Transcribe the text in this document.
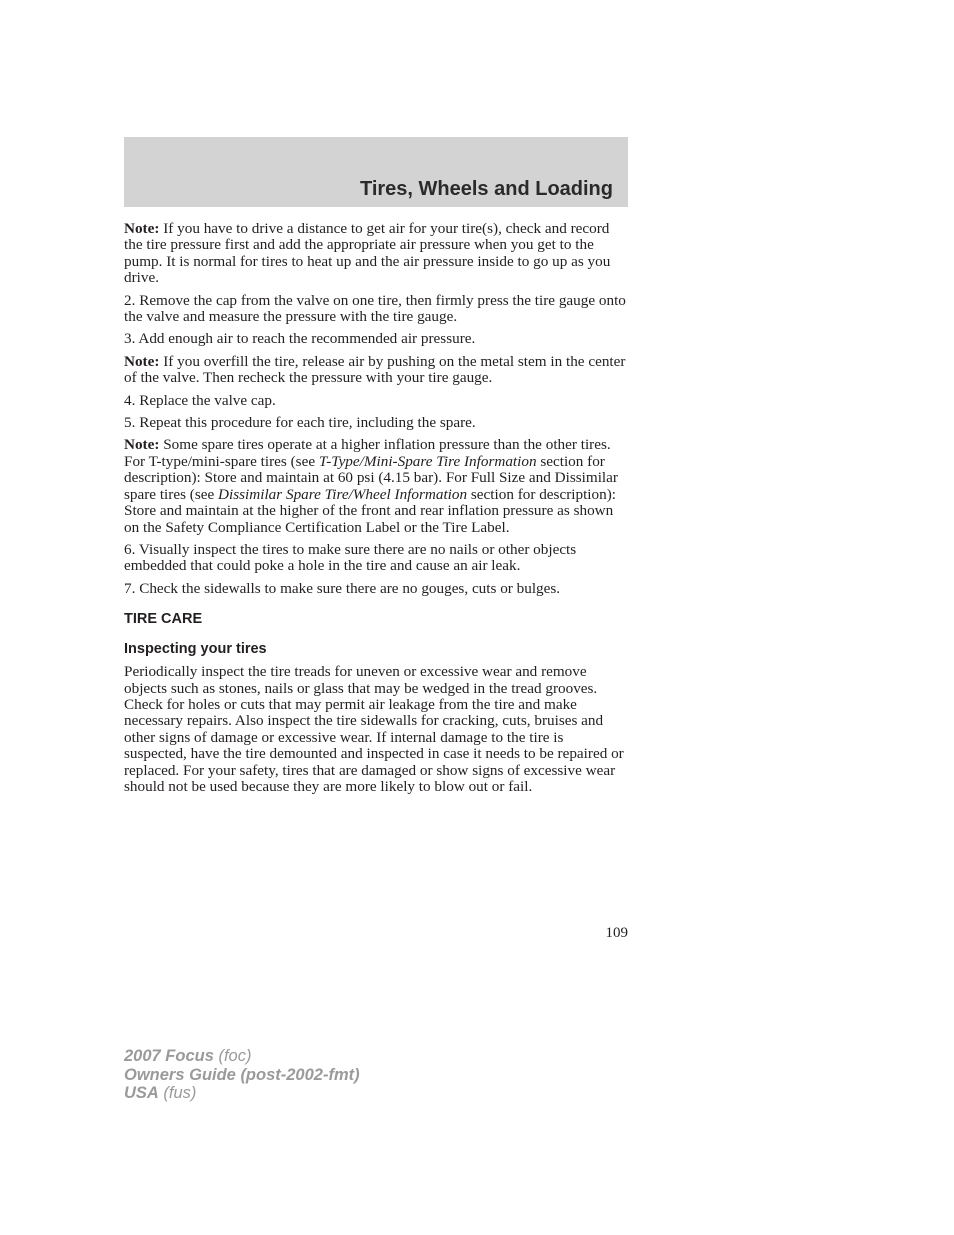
Tires, Wheels and Loading

Note: If you have to drive a distance to get air for your tire(s), check and record the tire pressure first and add the appropriate air pressure when you get to the pump. It is normal for tires to heat up and the air pressure inside to go up as you drive.

2. Remove the cap from the valve on one tire, then firmly press the tire gauge onto the valve and measure the pressure with the tire gauge.

3. Add enough air to reach the recommended air pressure.

Note: If you overfill the tire, release air by pushing on the metal stem in the center of the valve. Then recheck the pressure with your tire gauge.

4. Replace the valve cap.

5. Repeat this procedure for each tire, including the spare.

Note: Some spare tires operate at a higher inflation pressure than the other tires. For T-type/mini-spare tires (see T-Type/Mini-Spare Tire Information section for description): Store and maintain at 60 psi (4.15 bar). For Full Size and Dissimilar spare tires (see Dissimilar Spare Tire/Wheel Information section for description): Store and maintain at the higher of the front and rear inflation pressure as shown on the Safety Compliance Certification Label or the Tire Label.

6. Visually inspect the tires to make sure there are no nails or other objects embedded that could poke a hole in the tire and cause an air leak.

7. Check the sidewalls to make sure there are no gouges, cuts or bulges.

TIRE CARE
Inspecting your tires

Periodically inspect the tire treads for uneven or excessive wear and remove objects such as stones, nails or glass that may be wedged in the tread grooves. Check for holes or cuts that may permit air leakage from the tire and make necessary repairs. Also inspect the tire sidewalls for cracking, cuts, bruises and other signs of damage or excessive wear. If internal damage to the tire is suspected, have the tire demounted and inspected in case it needs to be repaired or replaced. For your safety, tires that are damaged or show signs of excessive wear should not be used because they are more likely to blow out or fail.

109
2007 Focus (foc)
Owners Guide (post-2002-fmt)
USA (fus)
